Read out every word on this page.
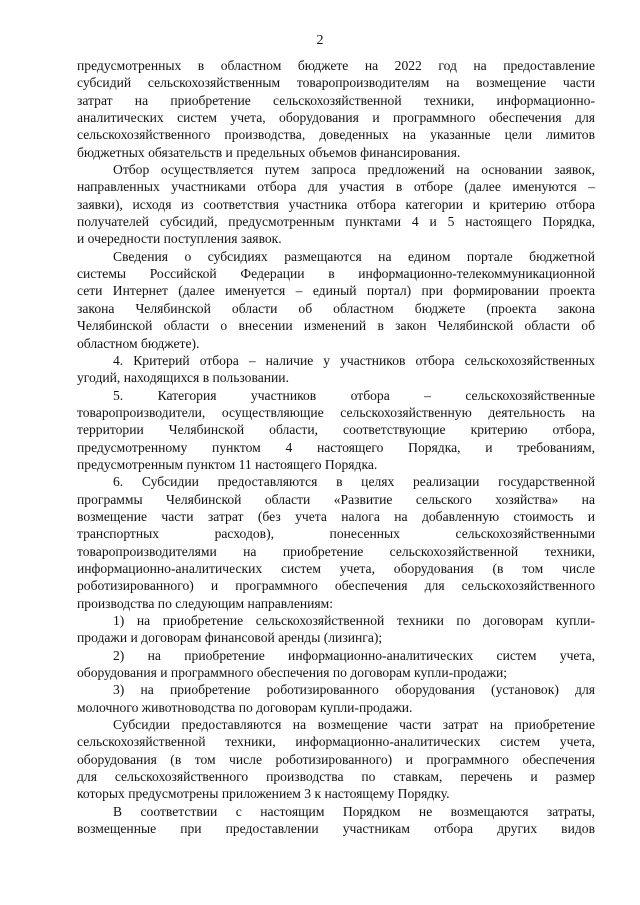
2
предусмотренных в областном бюджете на 2022 год на предоставление
субсидий сельскохозяйственным товаропроизводителям на возмещение части
затрат на приобретение сельскохозяйственной техники, информационно-
аналитических систем учета, оборудования и программного обеспечения для
сельскохозяйственного производства, доведенных на указанные цели лимитов
бюджетных обязательств и предельных объемов финансирования.
Отбор осуществляется путем запроса предложений на основании заявок,
направленных участниками отбора для участия в отборе (далее именуются –
заявки), исходя из соответствия участника отбора категории и критерию отбора
получателей субсидий, предусмотренным пунктами 4 и 5 настоящего Порядка,
и очередности поступления заявок.
Сведения о субсидиях размещаются на едином портале бюджетной
системы Российской Федерации в информационно-телекоммуникационной
сети Интернет (далее именуется – единый портал) при формировании проекта
закона Челябинской области об областном бюджете (проекта закона
Челябинской области о внесении изменений в закон Челябинской области об
областном бюджете).
4. Критерий отбора – наличие у участников отбора сельскохозяйственных
угодий, находящихся в пользовании.
5. Категория участников отбора – сельскохозяйственные
товаропроизводители, осуществляющие сельскохозяйственную деятельность на
территории Челябинской области, соответствующие критерию отбора,
предусмотренному пунктом 4 настоящего Порядка, и требованиям,
предусмотренным пунктом 11 настоящего Порядка.
6. Субсидии предоставляются в целях реализации государственной
программы Челябинской области «Развитие сельского хозяйства» на
возмещение части затрат (без учета налога на добавленную стоимость и
транспортных расходов), понесенных сельскохозяйственными
товаропроизводителями на приобретение сельскохозяйственной техники,
информационно-аналитических систем учета, оборудования (в том числе
роботизированного) и программного обеспечения для сельскохозяйственного
производства по следующим направлениям:
1) на приобретение сельскохозяйственной техники по договорам купли-
продажи и договорам финансовой аренды (лизинга);
2) на приобретение информационно-аналитических систем учета,
оборудования и программного обеспечения по договорам купли-продажи;
3) на приобретение роботизированного оборудования (установок) для
молочного животноводства по договорам купли-продажи.
Субсидии предоставляются на возмещение части затрат на приобретение
сельскохозяйственной техники, информационно-аналитических систем учета,
оборудования (в том числе роботизированного) и программного обеспечения
для сельскохозяйственного производства по ставкам, перечень и размер
которых предусмотрены приложением 3 к настоящему Порядку.
В соответствии с настоящим Порядком не возмещаются затраты,
возмещенные при предоставлении участникам отбора других видов
